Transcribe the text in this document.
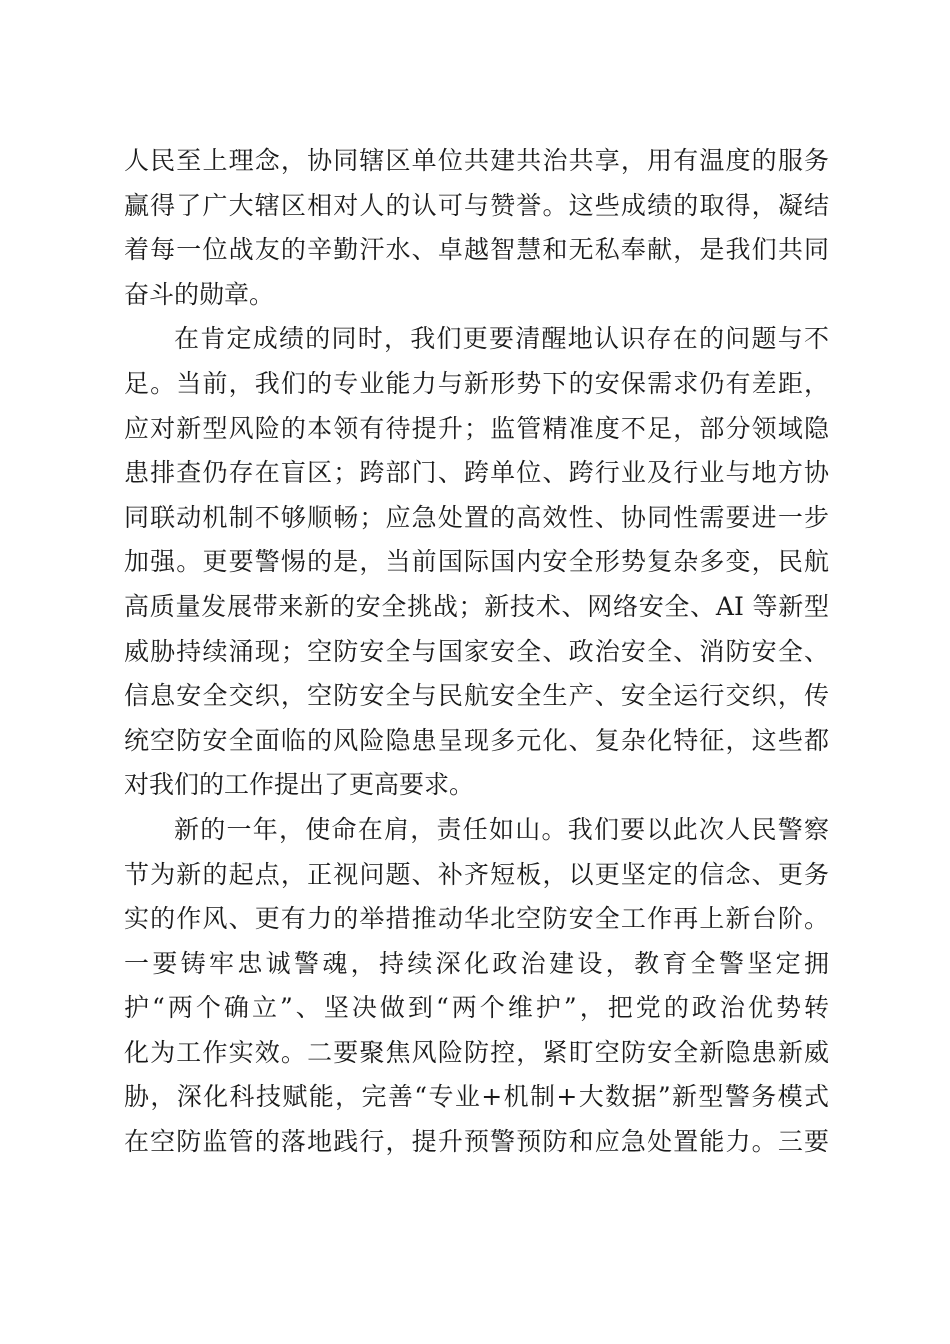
人民至上理念，协同辖区单位共建共治共享，用有温度的服务
赢得了广大辖区相对人的认可与赞誉。这些成绩的取得，凝结
着每一位战友的辛勤汗水、卓越智慧和无私奉献，是我们共同
奋斗的勋章。
在肯定成绩的同时，我们更要清醒地认识存在的问题与不
足。当前，我们的专业能力与新形势下的安保需求仍有差距，
应对新型风险的本领有待提升；监管精准度不足，部分领域隐
患排查仍存在盲区；跨部门、跨单位、跨行业及行业与地方协
同联动机制不够顺畅；应急处置的高效性、协同性需要进一步
加强。更要警惕的是，当前国际国内安全形势复杂多变，民航
高质量发展带来新的安全挑战；新技术、网络安全、AI 等新型
威胁持续涌现；空防安全与国家安全、政治安全、消防安全、
信息安全交织，空防安全与民航安全生产、安全运行交织，传
统空防安全面临的风险隐患呈现多元化、复杂化特征，这些都
对我们的工作提出了更高要求。
新的一年，使命在肩，责任如山。我们要以此次人民警察
节为新的起点，正视问题、补齐短板，以更坚定的信念、更务
实的作风、更有力的举措推动华北空防安全工作再上新台阶。
一要铸牢忠诚警魂，持续深化政治建设，教育全警坚定拥
护“两个确立”、坚决做到“两个维护”，把党的政治优势转
化为工作实效。二要聚焦风险防控，紧盯空防安全新隐患新威
胁，深化科技赋能，完善“专业+机制+大数据”新型警务模式
在空防监管的落地践行，提升预警预防和应急处置能力。三要
